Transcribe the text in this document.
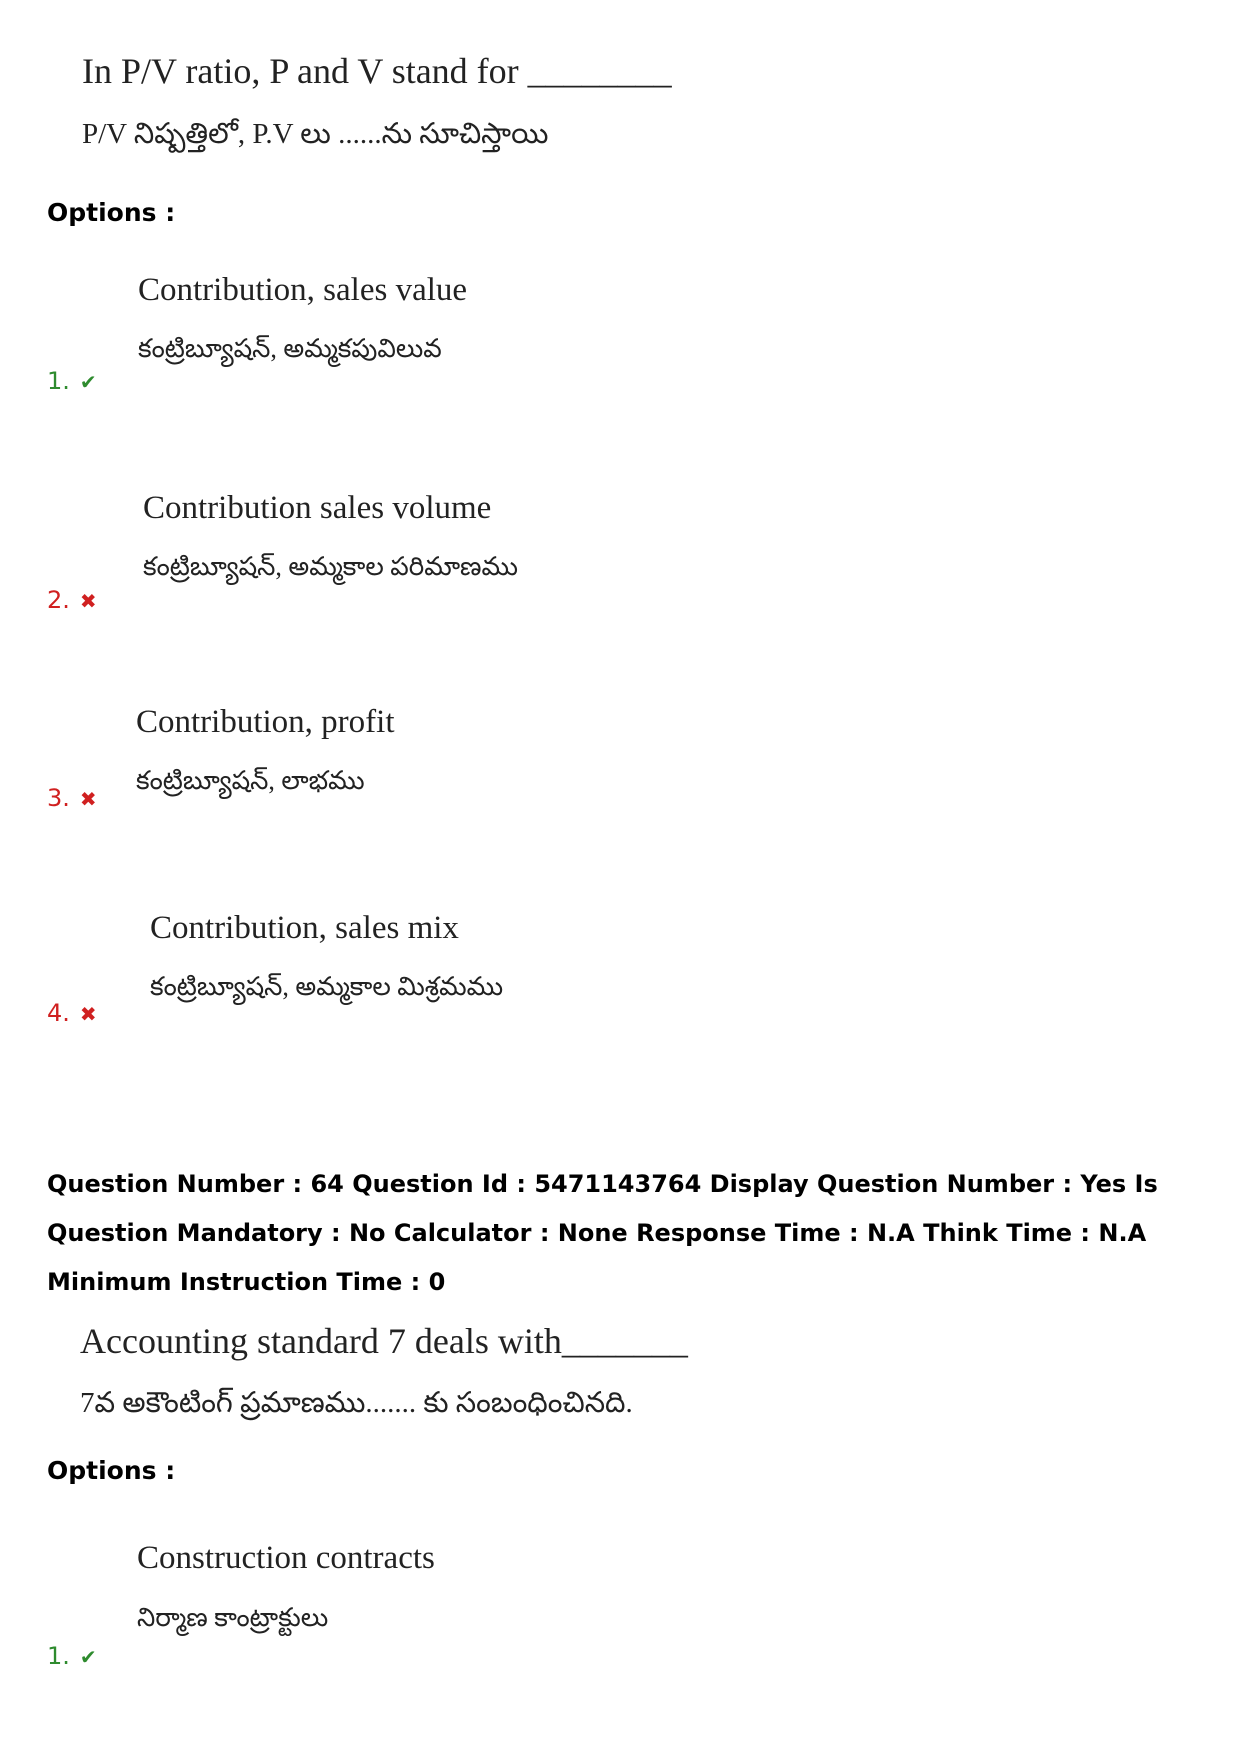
In P/V ratio, P and V stand for ________
P/V నిష్పత్తిలో, P.V లు ......ను సూచిస్తాయి
Options :
Contribution, sales value
కంట్రిబ్యూషన్, అమ్మకపువిలువ
1. ✔
Contribution sales volume
కంట్రిబ్యూషన్, అమ్మకాల పరిమాణము
2. ✖
Contribution, profit
కంట్రిబ్యూషన్, లాభము
3. ✖
Contribution, sales mix
కంట్రిబ్యూషన్, అమ్మకాల మిశ్రమము
4. ✖
Question Number : 64 Question Id : 5471143764 Display Question Number : Yes Is Question Mandatory : No Calculator : None Response Time : N.A Think Time : N.A Minimum Instruction Time : 0
Accounting standard 7 deals with_______
7వ అకౌంటింగ్ ప్రమాణము....... కు సంబంధించినది.
Options :
Construction contracts
నిర్మాణ కాంట్రాక్టులు
1. ✔
